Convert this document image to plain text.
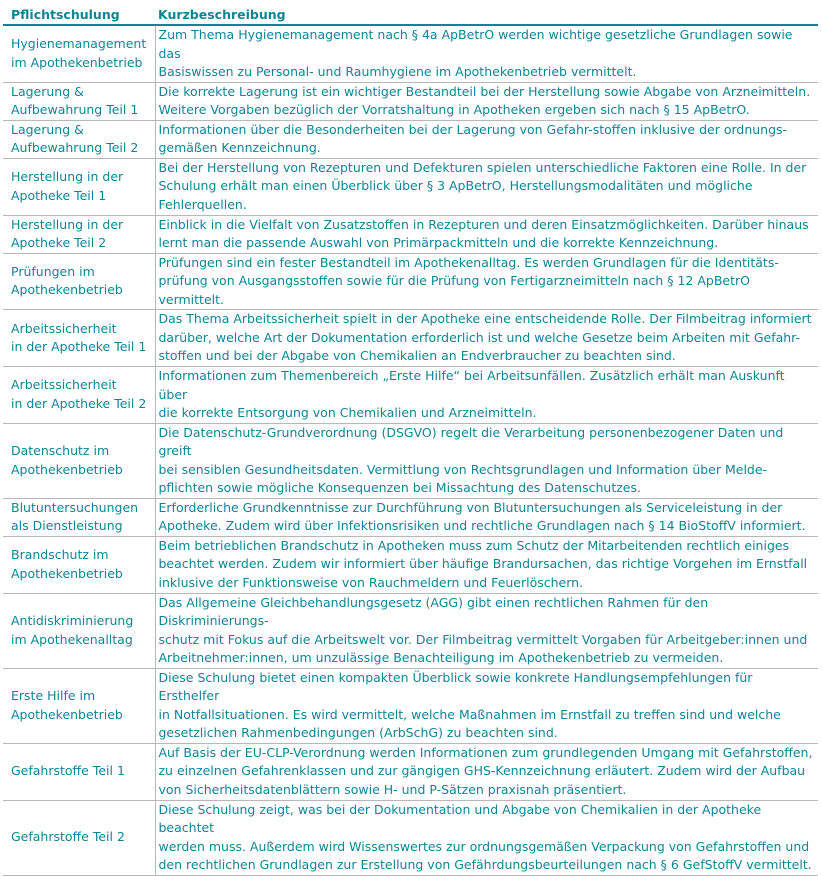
Pflichtschulung	Kurzbeschreibung
Hygienemanagement
im Apothekenbetrieb	Zum Thema Hygienemanagement nach § 4a ApBetrO werden wichtige gesetzliche Grundlagen sowie das
Basiswissen zu Personal- und Raumhygiene im Apothekenbetrieb vermittelt.
Lagerung &
Aufbewahrung Teil 1	Die korrekte Lagerung ist ein wichtiger Bestandteil bei der Herstellung sowie Abgabe von Arzneimitteln.
Weitere Vorgaben bezüglich der Vorratshaltung in Apotheken ergeben sich nach § 15 ApBetrO.
Lagerung &
Aufbewahrung Teil 2	Informationen über die Besonderheiten bei der Lagerung von Gefahr-stoffen inklusive der ordnungs-
gemäßen Kennzeichnung.
Herstellung in der
Apotheke Teil 1	Bei der Herstellung von Rezepturen und Defekturen spielen unterschiedliche Faktoren eine Rolle. In der
Schulung erhält man einen Überblick über § 3 ApBetrO, Herstellungsmodalitäten und mögliche
Fehlerquellen.
Herstellung in der
Apotheke Teil 2	Einblick in die Vielfalt von Zusatzstoffen in Rezepturen und deren Einsatzmöglichkeiten. Darüber hinaus
lernt man die passende Auswahl von Primärpackmitteln und die korrekte Kennzeichnung.
Prüfungen im
Apothekenbetrieb	Prüfungen sind ein fester Bestandteil im Apothekenalltag. Es werden Grundlagen für die Identitäts-
prüfung von Ausgangsstoffen sowie für die Prüfung von Fertigarzneimitteln nach § 12 ApBetrO vermittelt.
Arbeitssicherheit
in der Apotheke Teil 1	Das Thema Arbeitssicherheit spielt in der Apotheke eine entscheidende Rolle. Der Filmbeitrag informiert
darüber, welche Art der Dokumentation erforderlich ist und welche Gesetze beim Arbeiten mit Gefahr-
stoffen und bei der Abgabe von Chemikalien an Endverbraucher zu beachten sind.
Arbeitssicherheit
in der Apotheke Teil 2	Informationen zum Themenbereich „Erste Hilfe“ bei Arbeitsunfällen. Zusätzlich erhält man Auskunft über
die korrekte Entsorgung von Chemikalien und Arzneimitteln.
Datenschutz im
Apothekenbetrieb	Die Datenschutz-Grundverordnung (DSGVO) regelt die Verarbeitung personenbezogener Daten und greift
bei sensiblen Gesundheitsdaten. Vermittlung von Rechtsgrundlagen und Information über Melde-
pflichten sowie mögliche Konsequenzen bei Missachtung des Datenschutzes.
Blutuntersuchungen
als Dienstleistung	Erforderliche Grundkenntnisse zur Durchführung von Blutuntersuchungen als Serviceleistung in der
Apotheke. Zudem wird über Infektionsrisiken und rechtliche Grundlagen nach § 14 BioStoffV informiert.
Brandschutz im
Apothekenbetrieb	Beim betrieblichen Brandschutz in Apotheken muss zum Schutz der Mitarbeitenden rechtlich einiges
beachtet werden. Zudem wir informiert über häufige Brandursachen, das richtige Vorgehen im Ernstfall
inklusive der Funktionsweise von Rauchmeldern und Feuerlöschern.
Antidiskriminierung
im Apothekenalltag	Das Allgemeine Gleichbehandlungsgesetz (AGG) gibt einen rechtlichen Rahmen für den Diskriminierungs-
schutz mit Fokus auf die Arbeitswelt vor. Der Filmbeitrag vermittelt Vorgaben für Arbeitgeber:innen und
Arbeitnehmer:innen, um unzulässige Benachteiligung im Apothekenbetrieb zu vermeiden.
Erste Hilfe im
Apothekenbetrieb	Diese Schulung bietet einen kompakten Überblick sowie konkrete Handlungsempfehlungen für Ersthelfer
in Notfallsituationen. Es wird vermittelt, welche Maßnahmen im Ernstfall zu treffen sind und welche
gesetzlichen Rahmenbedingungen (ArbSchG) zu beachten sind.
Gefahrstoffe Teil 1	Auf Basis der EU-CLP-Verordnung werden Informationen zum grundlegenden Umgang mit Gefahrstoffen,
zu einzelnen Gefahrenklassen und zur gängigen GHS-Kennzeichnung erläutert. Zudem wird der Aufbau
von Sicherheitsdatenblättern sowie H- und P-Sätzen praxisnah präsentiert.
Gefahrstoffe Teil 2	Diese Schulung zeigt, was bei der Dokumentation und Abgabe von Chemikalien in der Apotheke beachtet
werden muss. Außerdem wird Wissenswertes zur ordnungsgemäßen Verpackung von Gefahrstoffen und
den rechtlichen Grundlagen zur Erstellung von Gefährdungsbeurteilungen nach § 6 GefStoffV vermittelt.
